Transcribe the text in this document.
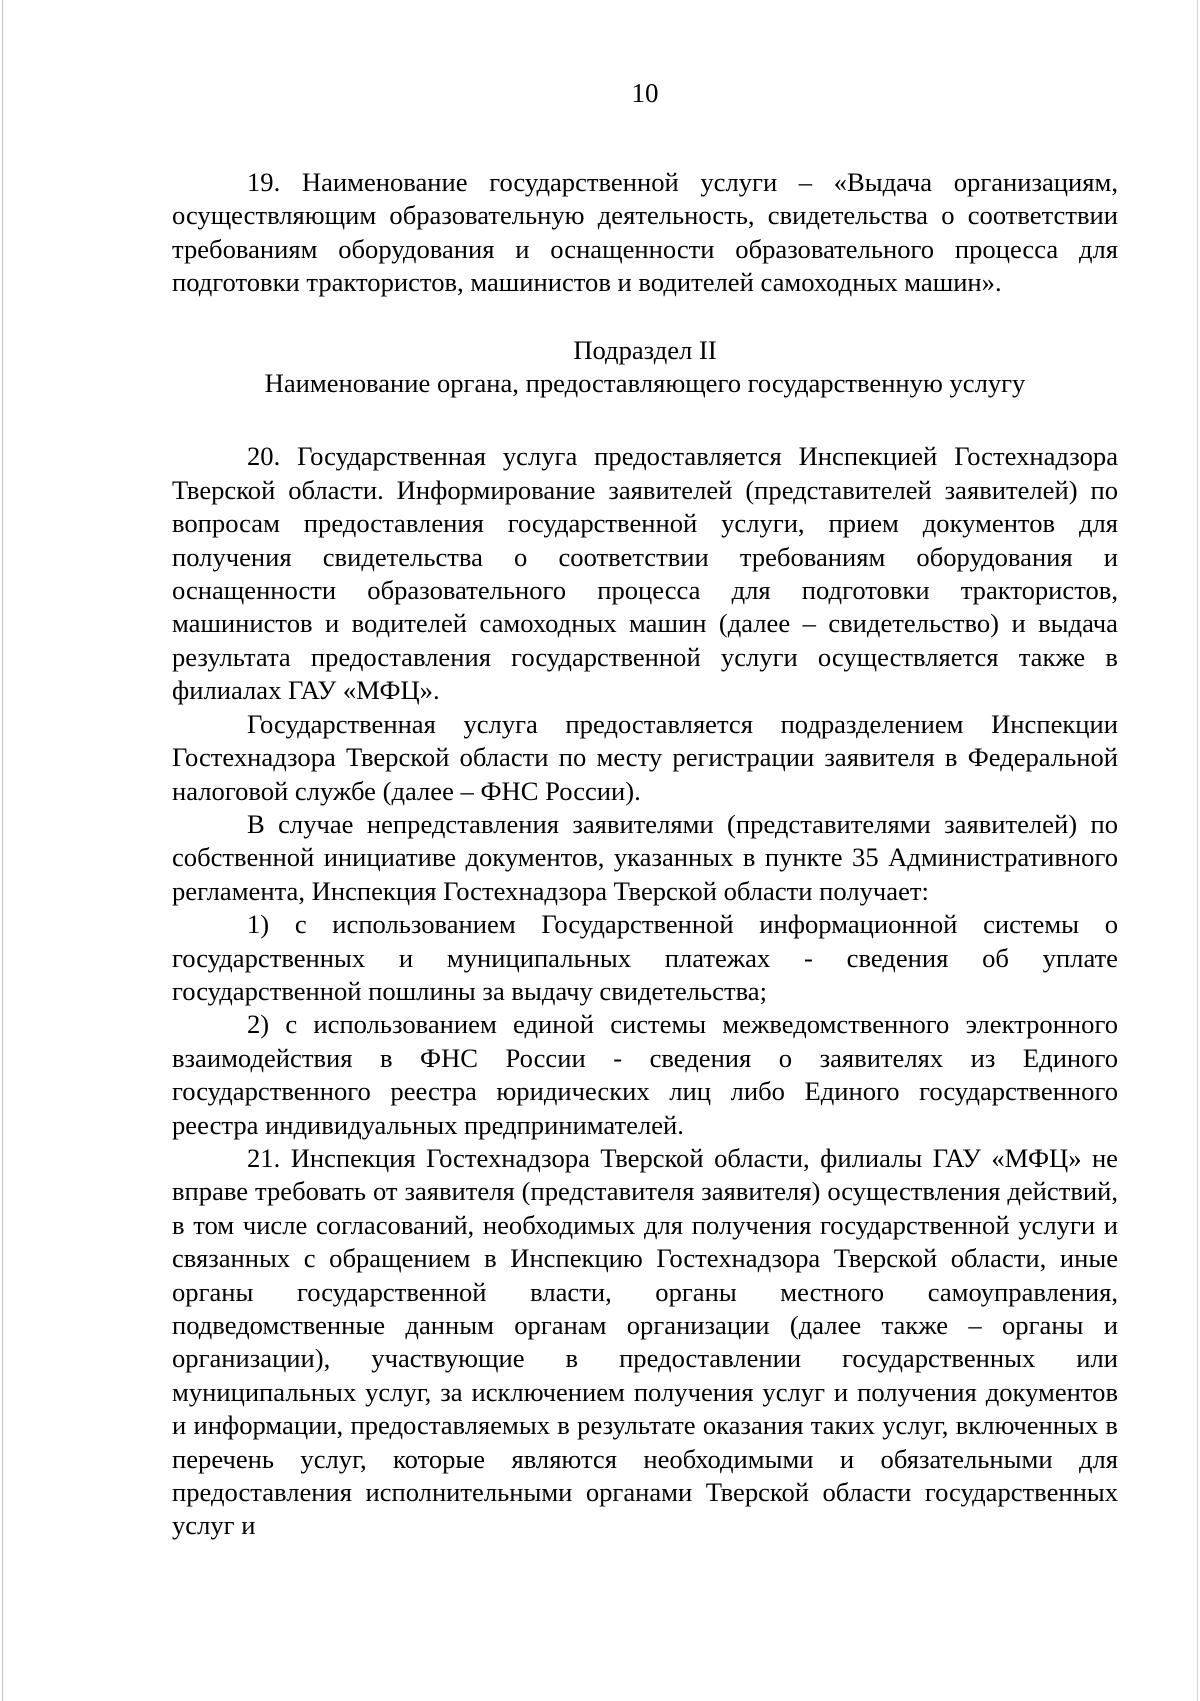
10

19. Наименование государственной услуги – «Выдача организациям, осуществляющим образовательную деятельность, свидетельства о соответствии требованиям оборудования и оснащенности образовательного процесса для подготовки трактористов, машинистов и водителей самоходных машин».

Подраздел II

Наименование органа, предоставляющего государственную услугу

20. Государственная услуга предоставляется Инспекцией Гостехнадзора Тверской области. Информирование заявителей (представителей заявителей) по вопросам предоставления государственной услуги, прием документов для получения свидетельства о соответствии требованиям оборудования и оснащенности образовательного процесса для подготовки трактористов, машинистов и водителей самоходных машин (далее – свидетельство) и выдача результата предоставления государственной услуги осуществляется также в филиалах ГАУ «МФЦ».

Государственная услуга предоставляется подразделением Инспекции Гостехнадзора Тверской области по месту регистрации заявителя в Федеральной налоговой службе (далее – ФНС России).

В случае непредставления заявителями (представителями заявителей) по собственной инициативе документов, указанных в пункте 35 Административного регламента, Инспекция Гостехнадзора Тверской области получает:

1) с использованием Государственной информационной системы о государственных и муниципальных платежах - сведения об уплате государственной пошлины за выдачу свидетельства;

2) с использованием единой системы межведомственного электронного взаимодействия в ФНС России - сведения о заявителях из Единого государственного реестра юридических лиц либо Единого государственного реестра индивидуальных предпринимателей.

21. Инспекция Гостехнадзора Тверской области, филиалы ГАУ «МФЦ» не вправе требовать от заявителя (представителя заявителя) осуществления действий, в том числе согласований, необходимых для получения государственной услуги и связанных с обращением в Инспекцию Гостехнадзора Тверской области, иные органы государственной власти, органы местного самоуправления, подведомственные данным органам организации (далее также – органы и организации), участвующие в предоставлении государственных или муниципальных услуг, за исключением получения услуг и получения документов и информации, предоставляемых в результате оказания таких услуг, включенных в перечень услуг, которые являются необходимыми и обязательными для предоставления исполнительными органами Тверской области государственных услуг и
